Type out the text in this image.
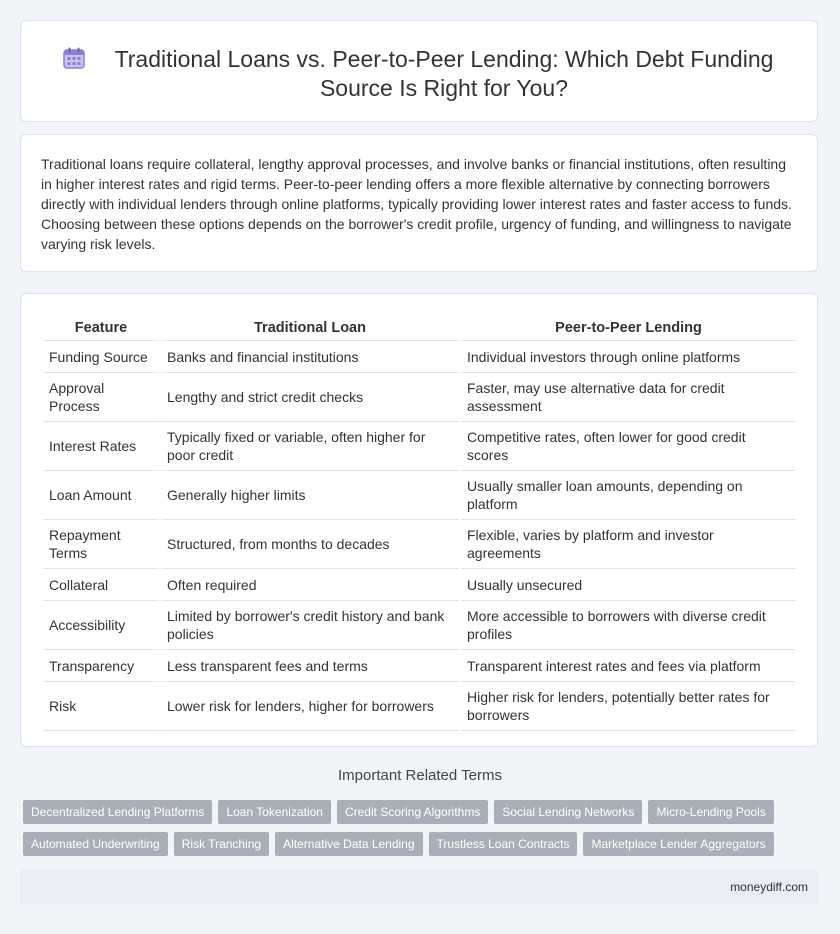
Traditional Loans vs. Peer-to-Peer Lending: Which Debt Funding Source Is Right for You?

Traditional loans require collateral, lengthy approval processes, and involve banks or financial institutions, often resulting in higher interest rates and rigid terms. Peer-to-peer lending offers a more flexible alternative by connecting borrowers directly with individual lenders through online platforms, typically providing lower interest rates and faster access to funds. Choosing between these options depends on the borrower's credit profile, urgency of funding, and willingness to navigate varying risk levels.

Feature	Traditional Loan	Peer-to-Peer Lending
Funding Source	Banks and financial institutions	Individual investors through online platforms
Approval Process	Lengthy and strict credit checks	Faster, may use alternative data for credit assessment
Interest Rates	Typically fixed or variable, often higher for poor credit	Competitive rates, often lower for good credit scores
Loan Amount	Generally higher limits	Usually smaller loan amounts, depending on platform
Repayment Terms	Structured, from months to decades	Flexible, varies by platform and investor agreements
Collateral	Often required	Usually unsecured
Accessibility	Limited by borrower's credit history and bank policies	More accessible to borrowers with diverse credit profiles
Transparency	Less transparent fees and terms	Transparent interest rates and fees via platform
Risk	Lower risk for lenders, higher for borrowers	Higher risk for lenders, potentially better rates for borrowers
Important Related Terms
Decentralized Lending Platforms	Loan Tokenization	Credit Scoring Algorithms	Social Lending Networks	Micro-Lending Pools
Automated Underwriting	Risk Tranching	Alternative Data Lending	Trustless Loan Contracts	Marketplace Lender Aggregators
moneydiff.com
